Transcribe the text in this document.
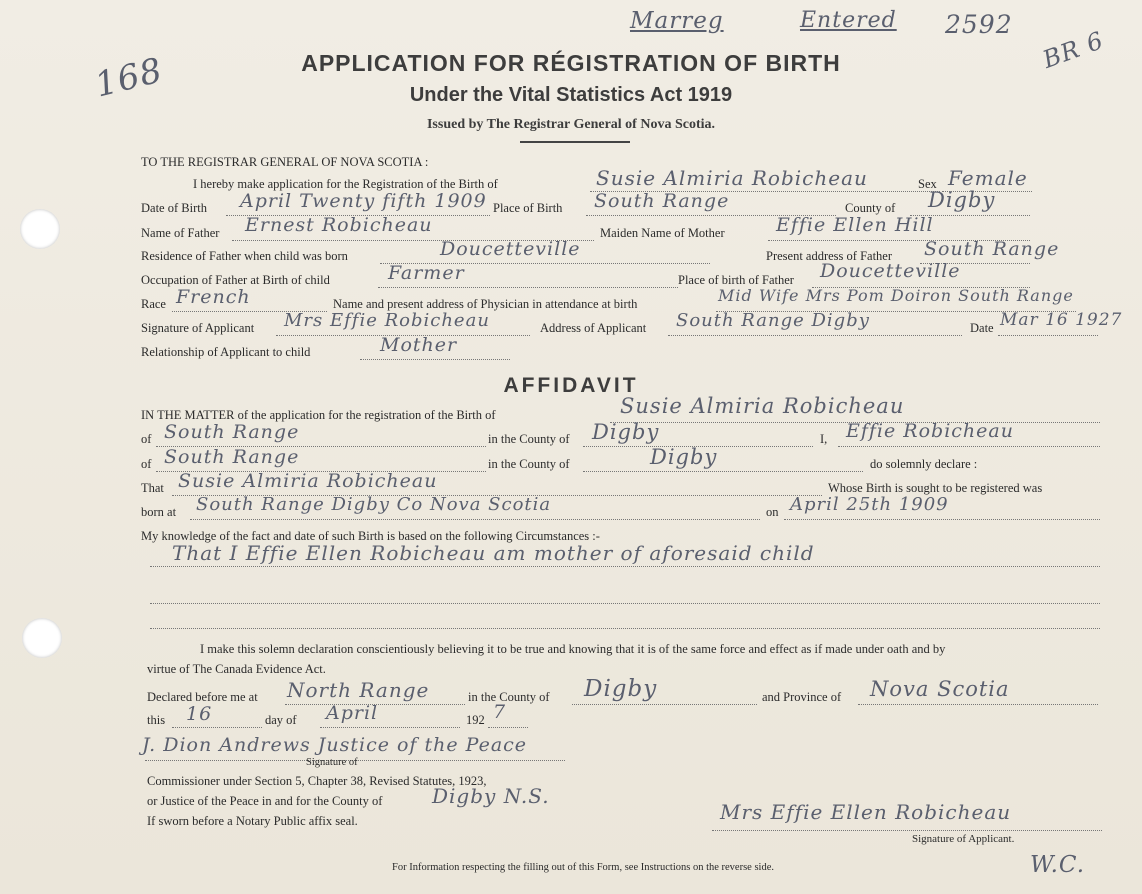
168
Marreg	Entered 2592
BR 6
APPLICATION FOR RÉGISTRATION OF BIRTH
Under the Vital Statistics Act 1919
Issued by The Registrar General of Nova Scotia.
TO THE REGISTRAR GENERAL OF NOVA SCOTIA :
I hereby make application for the Registration of the Birth of	Susie Almiria Robicheau	Sex Female
Date of Birth April Twenty fifth 1909 Place of Birth South Range	County of Digby
Name of Father Ernest Robicheau	Maiden Name of Mother	Effie Ellen Hill
Residence of Father when child was born	Doucetteville	Present address of Father South Range
Occupation of Father at Birth of child	Farmer	Place of birth of Father Doucetteville
Race French	Name and present address of Physician in attendance at birth	Mid Wife Mrs Pom Doiron South Range
Signature of Applicant Mrs Effie Robicheau	Address of Applicant South Range Digby	Date Mar 16 1927
Relationship of Applicant to child	Mother
AFFIDAVIT
IN THE MATTER of the application for the registration of the Birth of	Susie Almiria Robicheau
of South Range	in the County of Digby	I, Effie Robicheau
of South Range	in the County of	Digby	do solemnly declare :
That Susie Almiria Robicheau	Whose Birth is sought to be registered was
born at South Range Digby Co Nova Scotia	on April 25th 1909
My knowledge of the fact and date of such Birth is based on the following Circumstances :-
That I Effie Ellen Robicheau am mother of aforesaid child
I make this solemn declaration conscientiously believing it to be true and knowing that it is of the same force and effect as if made under oath and by
virtue of The Canada Evidence Act.
Declared before me at North Range	in the County of Digby	and Province of Nova Scotia
this 16	day of April	192 7
J. Dion Andrews Justice of the Peace
Signature of
Commissioner under Section 5, Chapter 38, Revised Statutes, 1923,
or Justice of the Peace in and for the County of Digby N.S.
If sworn before a Notary Public affix seal.	Mrs Effie Ellen Robicheau
Signature of Applicant.
For Information respecting the filling out of this Form, see Instructions on the reverse side.	W.C.
